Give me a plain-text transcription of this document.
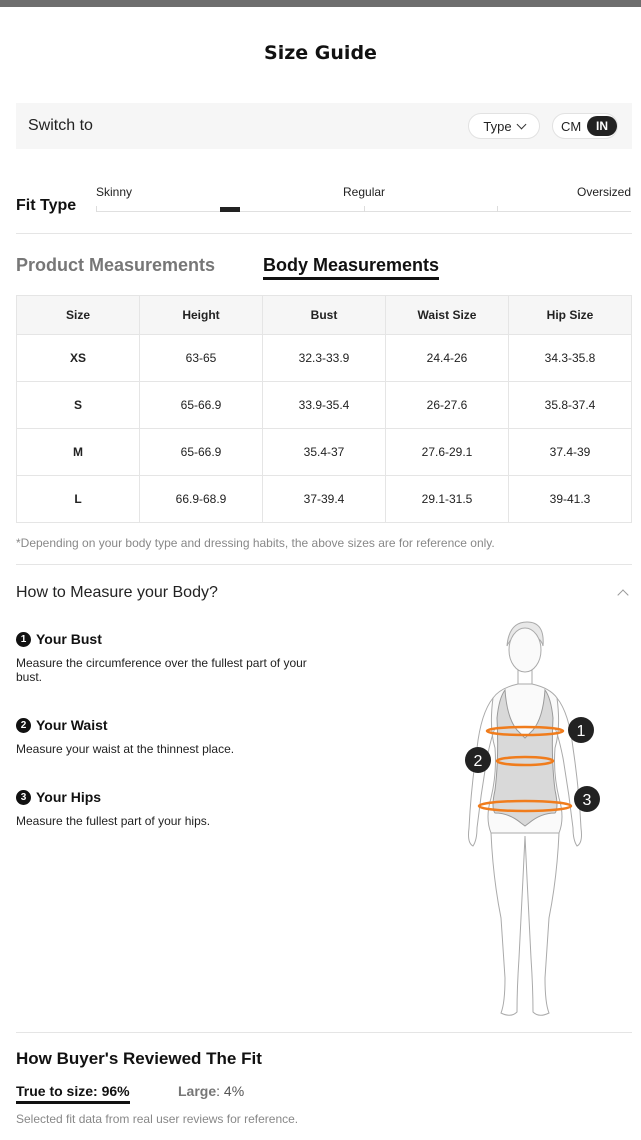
Size Guide
Switch to	Type	CM	IN
Fit Type
Skinny	Regular	Oversized
Product Measurements	Body Measurements
Size	Height	Bust	Waist Size	Hip Size
XS	63-65	32.3-33.9	24.4-26	34.3-35.8
S	65-66.9	33.9-35.4	26-27.6	35.8-37.4
M	65-66.9	35.4-37	27.6-29.1	37.4-39
L	66.9-68.9	37-39.4	29.1-31.5	39-41.3
*Depending on your body type and dressing habits, the above sizes are for reference only.
How to Measure your Body?
1 Your Bust
Measure the circumference over the fullest part of your bust.
2 Your Waist
Measure your waist at the thinnest place.
3 Your Hips
Measure the fullest part of your hips.
1
2
3
How Buyer's Reviewed The Fit
True to size: 96%	Large: 4%
Selected fit data from real user reviews for reference.
